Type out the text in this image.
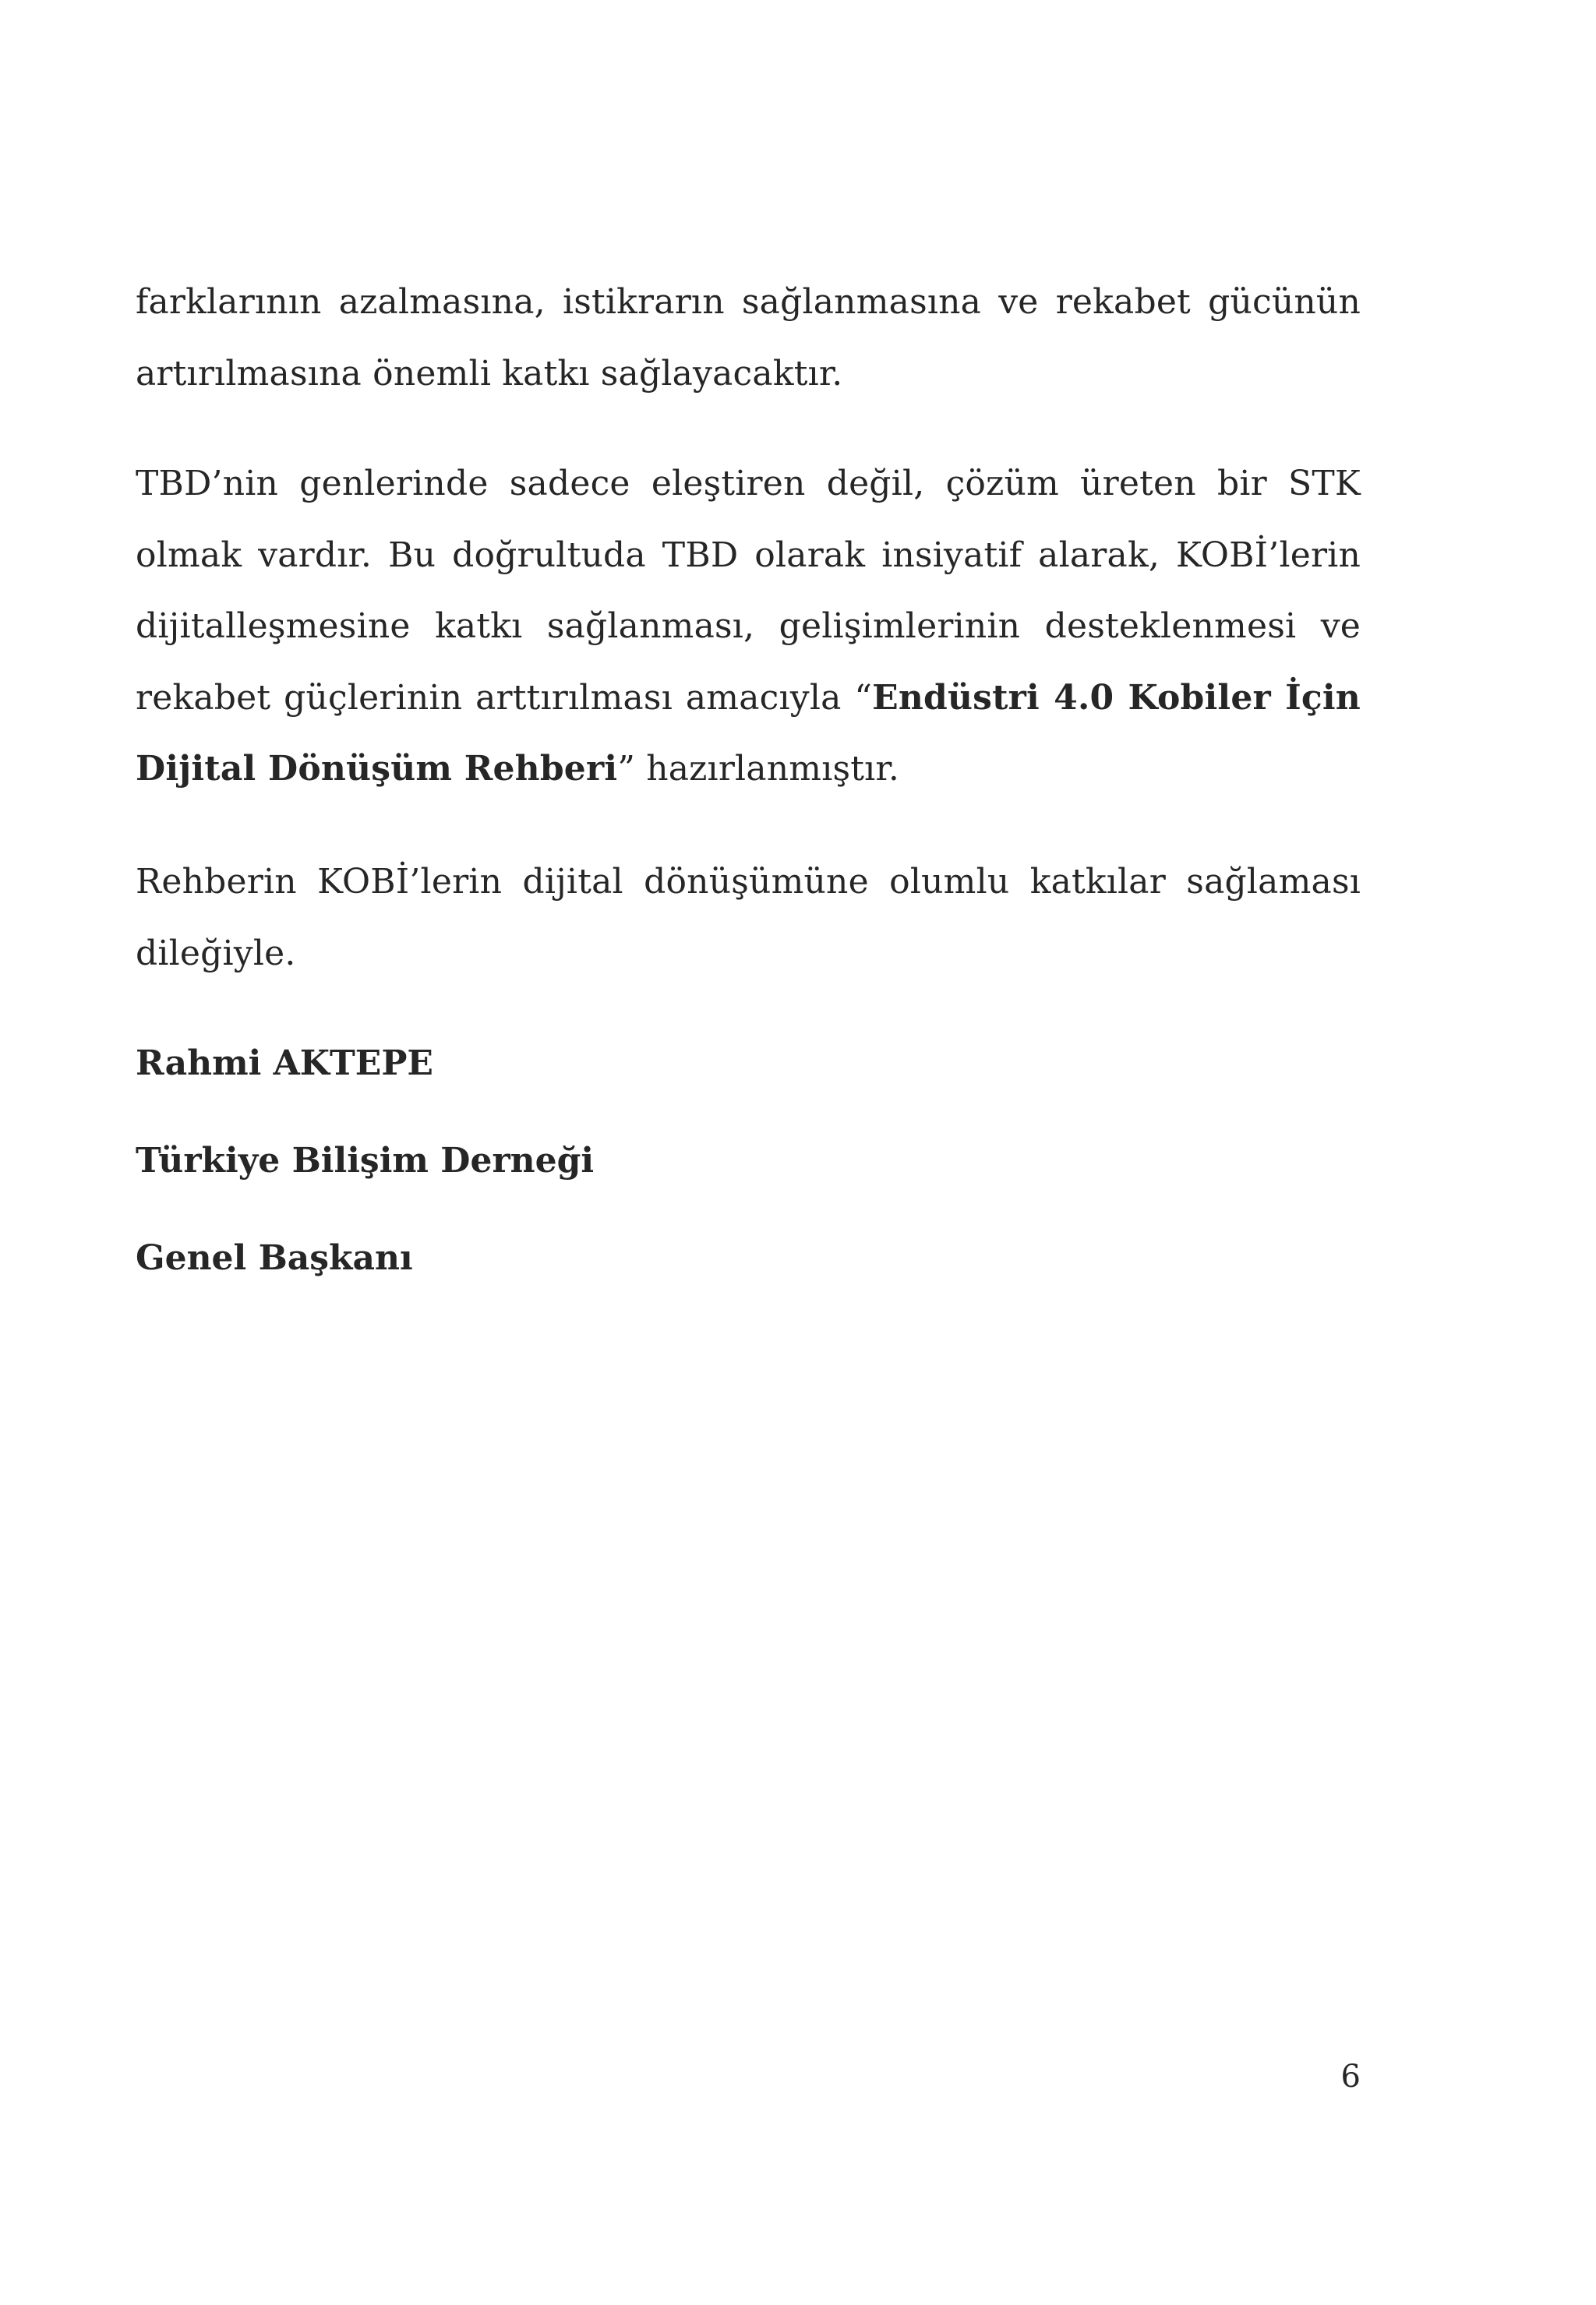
farklarının azalmasına, istikrarın sağlanmasına ve rekabet gücünün artırılmasına önemli katkı sağlayacaktır.

TBD’nin genlerinde sadece eleştiren değil, çözüm üreten bir STK olmak vardır. Bu doğrultuda TBD olarak insiyatif alarak, KOBİ’lerin dijitalleşmesine katkı sağlanması, gelişimlerinin desteklenmesi ve rekabet güçlerinin arttırılması amacıyla “Endüstri 4.0 Kobiler İçin Dijital Dönüşüm Rehberi” hazırlanmıştır.

Rehberin KOBİ’lerin dijital dönüşümüne olumlu katkılar sağlaması dileğiyle.

Rahmi AKTEPE
Türkiye Bilişim Derneği
Genel Başkanı
6
